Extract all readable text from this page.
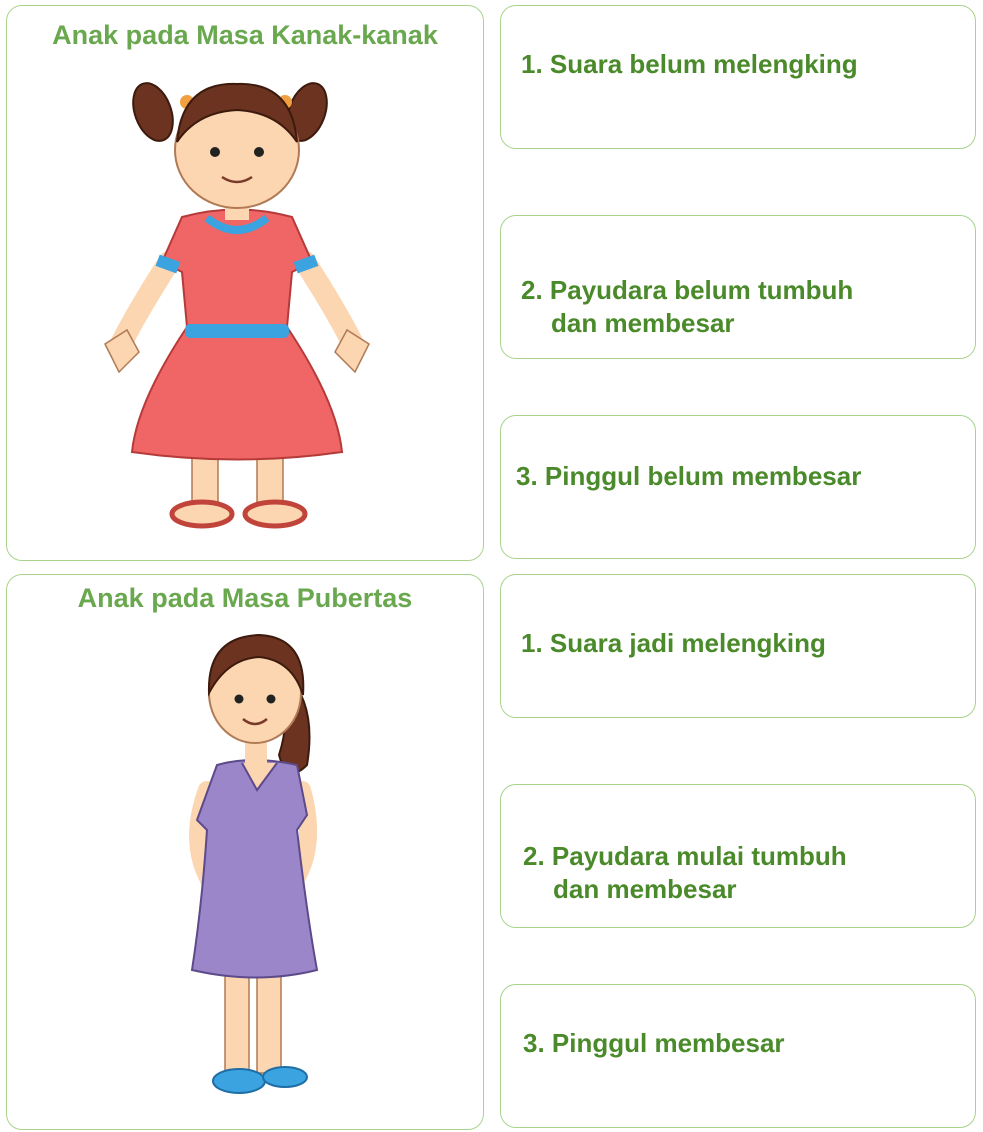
Anak pada Masa Kanak-kanak
Anak pada Masa Pubertas
1. Suara belum melengking
2. Payudara belum tumbuh
dan membesar
3. Pinggul belum membesar
1. Suara jadi melengking
2. Payudara mulai tumbuh
dan membesar
3. Pinggul membesar
